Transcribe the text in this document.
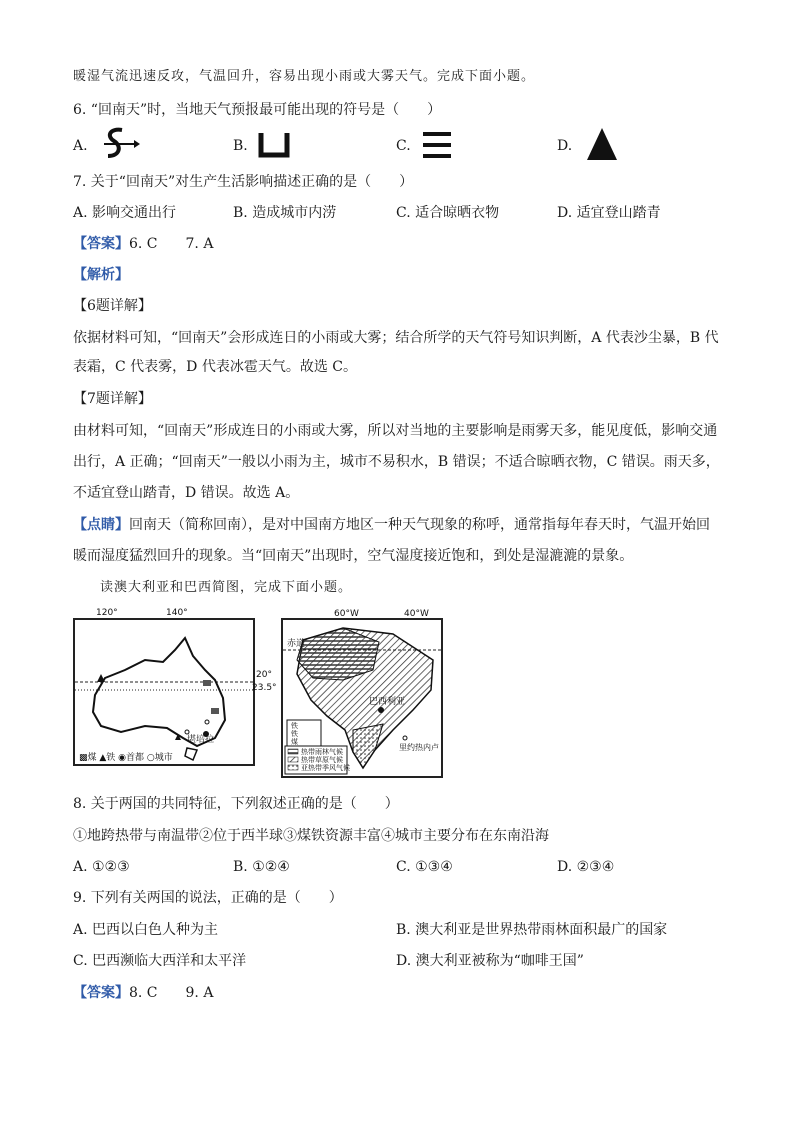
暖湿气流迅速反攻，气温回升，容易出现小雨或大雾天气。完成下面小题。
6. “回南天”时，当地天气预报最可能出现的符号是（　　）
A.	B.	C.	D.
7. 关于“回南天”对生产生活影响描述正确的是（　　）
A. 影响交通出行	B. 造成城市内涝	C. 适合晾晒衣物	D. 适宜登山踏青
【答案】6. C　　7. A
【解析】
【6题详解】
依据材料可知，“回南天”会形成连日的小雨或大雾；结合所学的天气符号知识判断，A 代表沙尘暴，B 代
表霜，C 代表雾，D 代表冰雹天气。故选 C。
【7题详解】
由材料可知，“回南天”形成连日的小雨或大雾，所以对当地的主要影响是雨雾天多，能见度低，影响交通
出行，A 正确；“回南天”一般以小雨为主，城市不易积水，B 错误；不适合晾晒衣物，C 错误。雨天多，
不适宜登山踏青，D 错误。故选 A。
【点睛】回南天（简称回南），是对中国南方地区一种天气现象的称呼，通常指每年春天时，气温开始回
暖而湿度猛烈回升的现象。当“回南天”出现时，空气湿度接近饱和，到处是湿漉漉的景象。
读澳大利亚和巴西简图，完成下面小题。
堪培拉
▩煤 ▲铁 ◉首都 ○城市
120°	140°
20°
23.5°
赤道
巴西利亚
里约热内卢
铁
铁
煤
热带雨林气候
热带草原气候
亚热带季风气候
60°W	40°W
8. 关于两国的共同特征，下列叙述正确的是（　　）
①地跨热带与南温带②位于西半球③煤铁资源丰富④城市主要分布在东南沿海
A. ①②③	B. ①②④	C. ①③④	D. ②③④
9. 下列有关两国的说法，正确的是（　　）
A. 巴西以白色人种为主	B. 澳大利亚是世界热带雨林面积最广的国家
C. 巴西濒临大西洋和太平洋	D. 澳大利亚被称为“咖啡王国”
【答案】8. C　　9. A
